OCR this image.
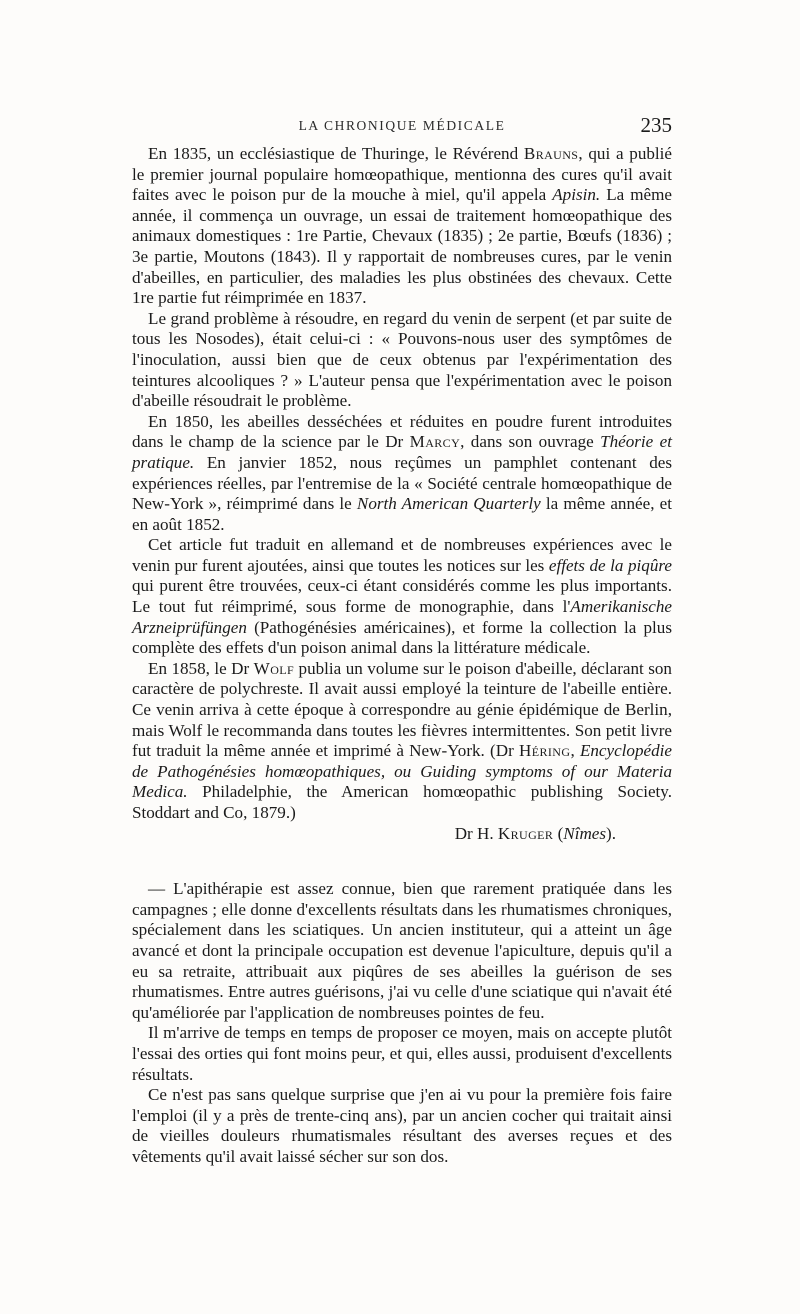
LA CHRONIQUE MÉDICALE	235

En 1835, un ecclésiastique de Thuringe, le Révérend Brauns, qui a publié le premier journal populaire homœopathique, mentionna des cures qu'il avait faites avec le poison pur de la mouche à miel, qu'il appela Apisin. La même année, il commença un ouvrage, un essai de traitement homœopathique des animaux domestiques : 1re Partie, Chevaux (1835) ; 2e partie, Bœufs (1836) ; 3e partie, Moutons (1843). Il y rapportait de nombreuses cures, par le venin d'abeilles, en particulier, des maladies les plus obstinées des chevaux. Cette 1re partie fut réimprimée en 1837.

Le grand problème à résoudre, en regard du venin de serpent (et par suite de tous les Nosodes), était celui-ci : « Pouvons-nous user des symptômes de l'inoculation, aussi bien que de ceux obtenus par l'expérimentation des teintures alcooliques ? » L'auteur pensa que l'expérimentation avec le poison d'abeille résoudrait le problème.

En 1850, les abeilles desséchées et réduites en poudre furent introduites dans le champ de la science par le Dr Marcy, dans son ouvrage Théorie et pratique. En janvier 1852, nous reçûmes un pamphlet contenant des expériences réelles, par l'entremise de la « Société centrale homœopathique de New-York », réimprimé dans le North American Quarterly la même année, et en août 1852.

Cet article fut traduit en allemand et de nombreuses expériences avec le venin pur furent ajoutées, ainsi que toutes les notices sur les effets de la piqûre qui purent être trouvées, ceux-ci étant considérés comme les plus importants. Le tout fut réimprimé, sous forme de monographie, dans l'Amerikanische Arzneiprüfüngen (Pathogénésies américaines), et forme la collection la plus complète des effets d'un poison animal dans la littérature médicale.

En 1858, le Dr Wolf publia un volume sur le poison d'abeille, déclarant son caractère de polychreste. Il avait aussi employé la teinture de l'abeille entière. Ce venin arriva à cette époque à correspondre au génie épidémique de Berlin, mais Wolf le recommanda dans toutes les fièvres intermittentes. Son petit livre fut traduit la même année et imprimé à New-York. (Dr Héring, Encyclopédie de Pathogénésies homœopathiques, ou Guiding symptoms of our Materia Medica. Philadelphie, the American homœopathic publishing Society. Stoddart and Co, 1879.)

Dr H. Kruger (Nîmes).

— L'apithérapie est assez connue, bien que rarement pratiquée dans les campagnes ; elle donne d'excellents résultats dans les rhumatismes chroniques, spécialement dans les sciatiques. Un ancien instituteur, qui a atteint un âge avancé et dont la principale occupation est devenue l'apiculture, depuis qu'il a eu sa retraite, attribuait aux piqûres de ses abeilles la guérison de ses rhumatismes. Entre autres guérisons, j'ai vu celle d'une sciatique qui n'avait été qu'améliorée par l'application de nombreuses pointes de feu.

Il m'arrive de temps en temps de proposer ce moyen, mais on accepte plutôt l'essai des orties qui font moins peur, et qui, elles aussi, produisent d'excellents résultats.

Ce n'est pas sans quelque surprise que j'en ai vu pour la première fois faire l'emploi (il y a près de trente-cinq ans), par un ancien cocher qui traitait ainsi de vieilles douleurs rhumatismales résultant des averses reçues et des vêtements qu'il avait laissé sécher sur son dos.
